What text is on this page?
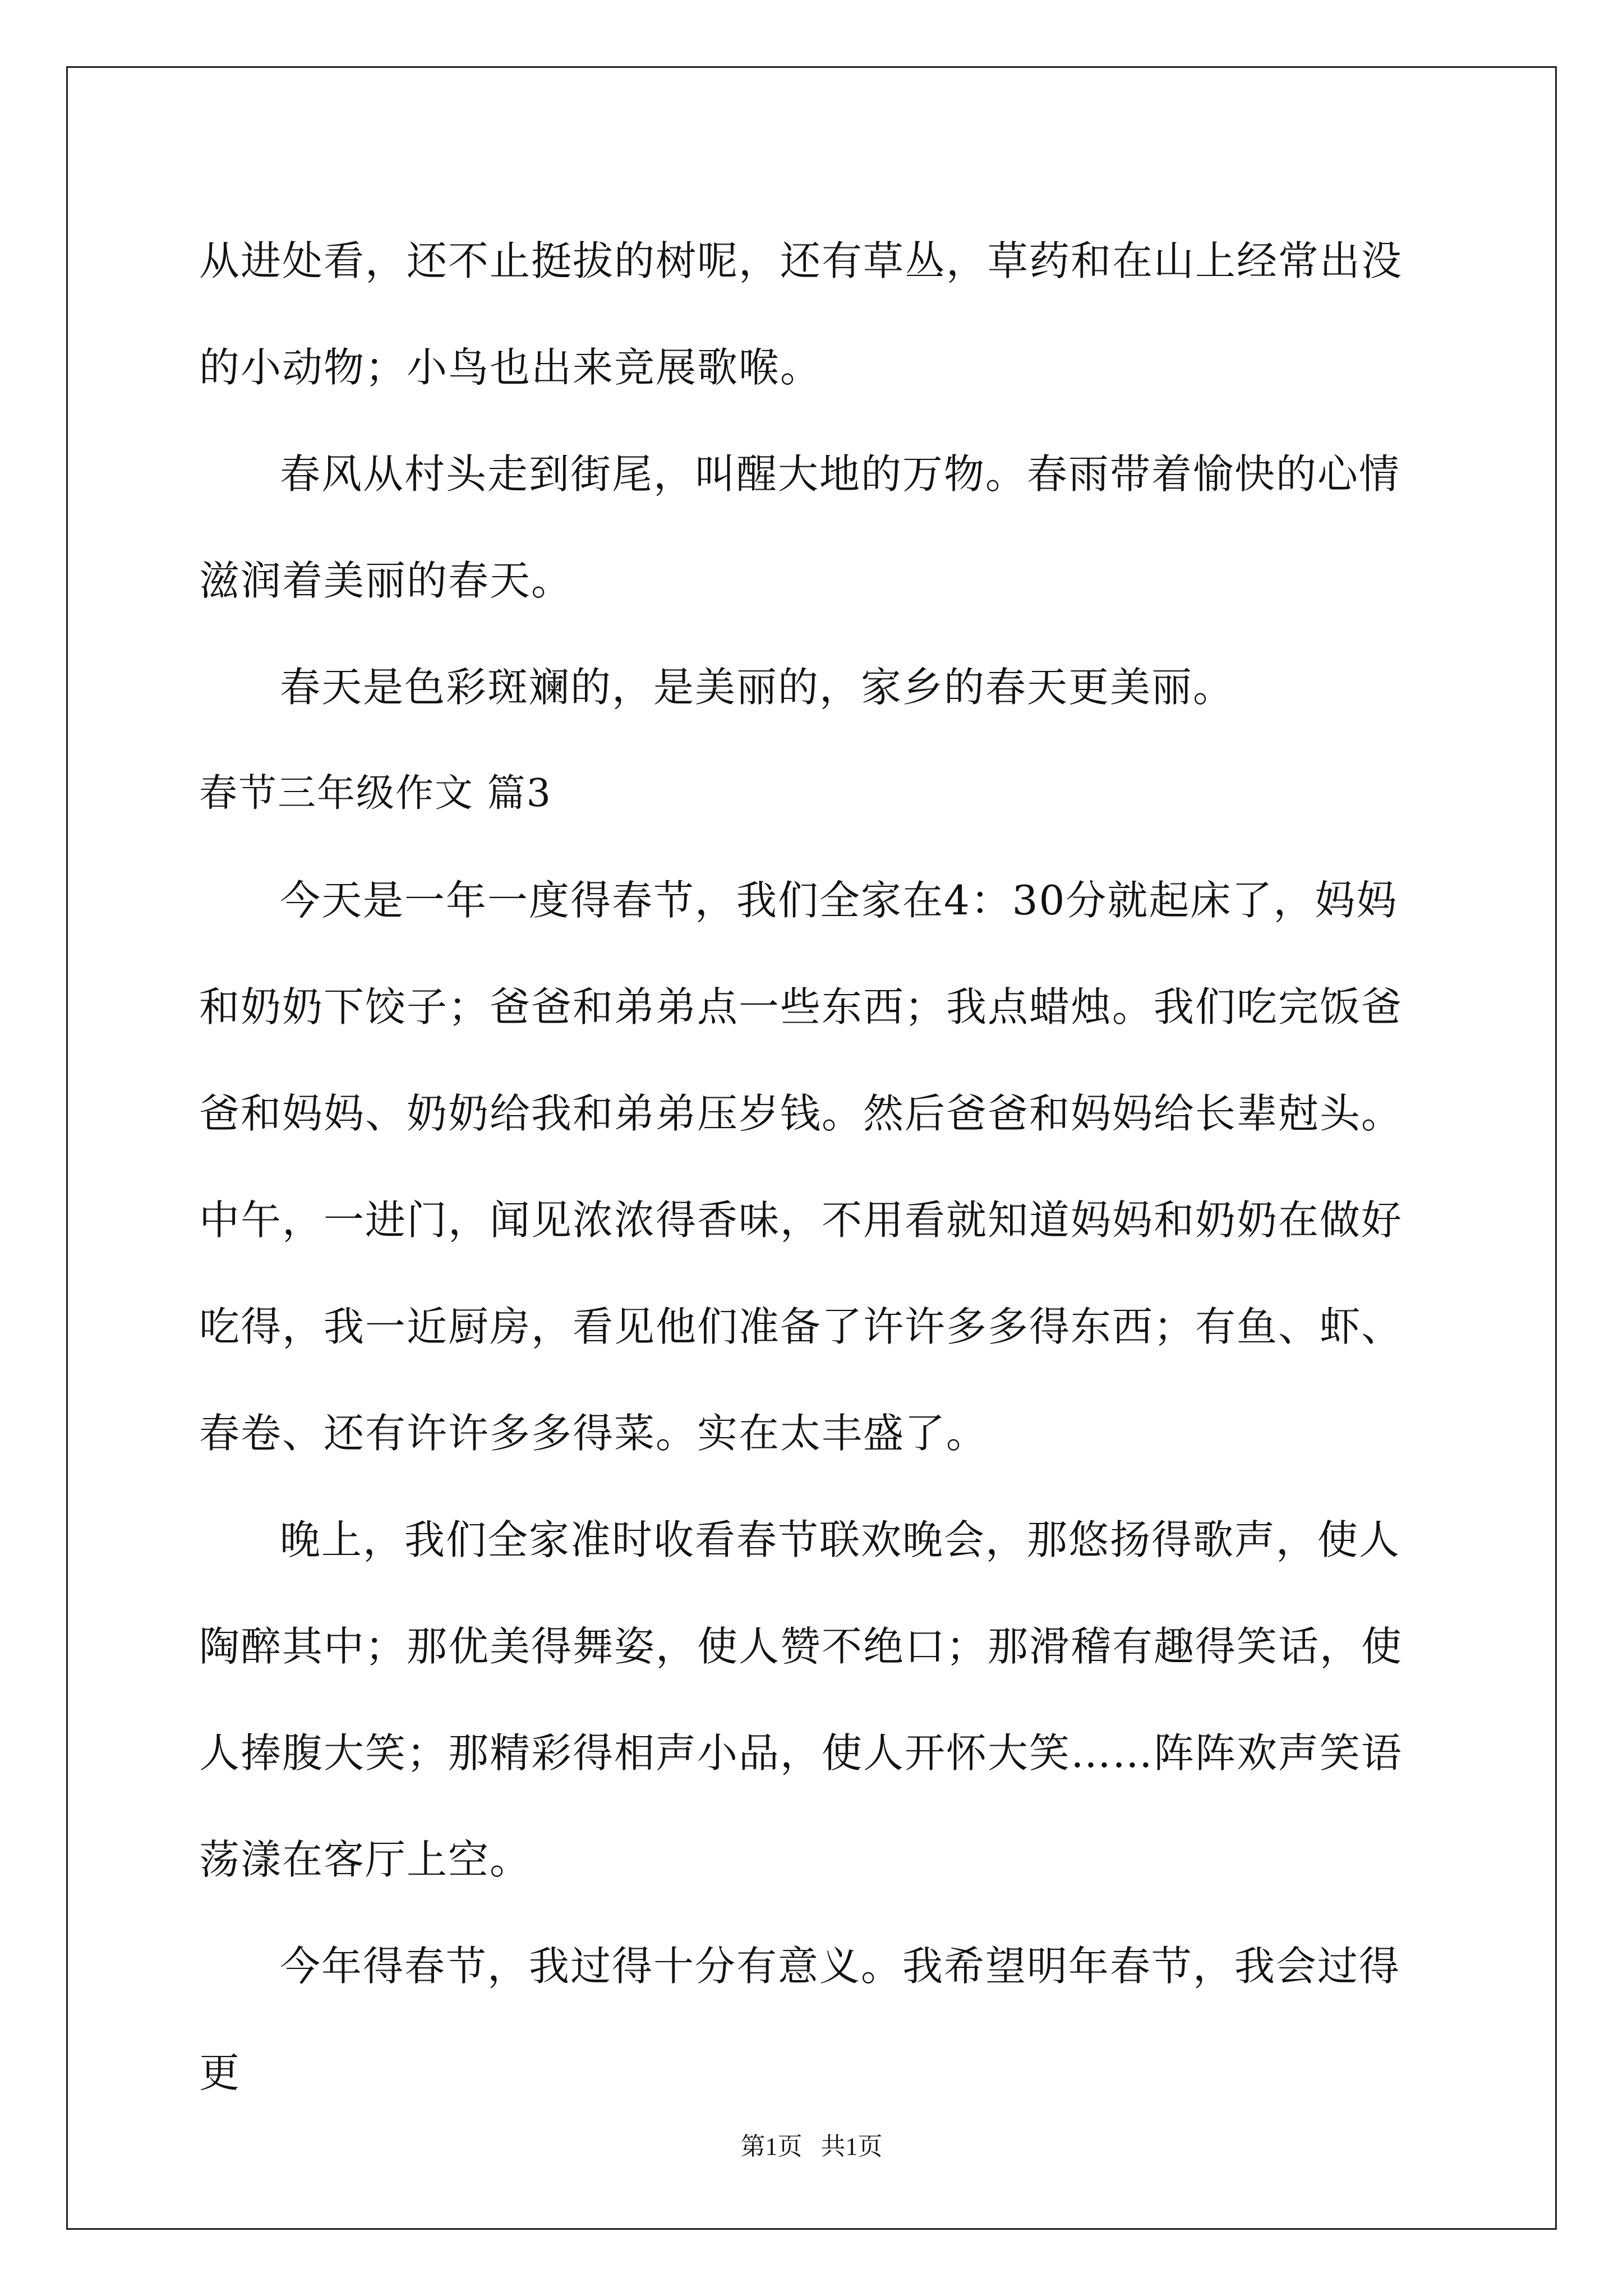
从进处看，还不止挺拔的树呢，还有草丛，草药和在山上经常出没的小动物；小鸟也出来竞展歌喉。

春风从村头走到街尾，叫醒大地的万物。春雨带着愉快的心情滋润着美丽的春天。

春天是色彩斑斓的，是美丽的，家乡的春天更美丽。

春节三年级作文 篇3

今天是一年一度得春节，我们全家在4：30分就起床了，妈妈和奶奶下饺子；爸爸和弟弟点一些东西；我点蜡烛。我们吃完饭爸爸和妈妈、奶奶给我和弟弟压岁钱。然后爸爸和妈妈给长辈尅头。中午，一进门，闻见浓浓得香味，不用看就知道妈妈和奶奶在做好吃得，我一近厨房，看见他们准备了许许多多得东西；有鱼、虾、春卷、还有许许多多得菜。实在太丰盛了。

晚上，我们全家准时收看春节联欢晚会，那悠扬得歌声，使人陶醉其中；那优美得舞姿，使人赞不绝口；那滑稽有趣得笑话，使人捧腹大笑；那精彩得相声小品，使人开怀大笑……阵阵欢声笑语荡漾在客厅上空。

今年得春节，我过得十分有意义。我希望明年春节，我会过得更

第1页   共1页
